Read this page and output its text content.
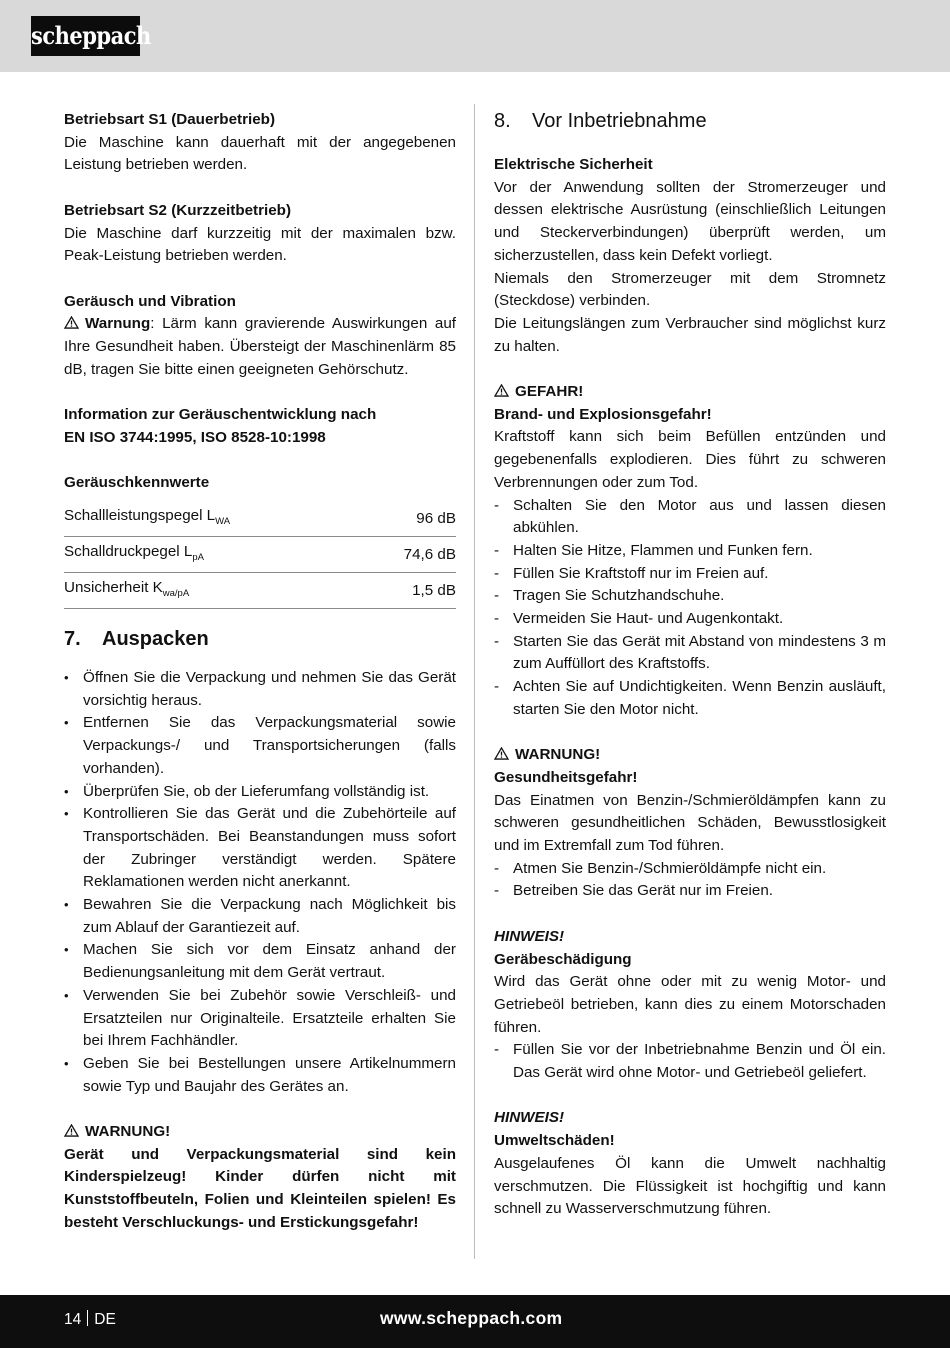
scheppach
Betriebsart S1 (Dauerbetrieb)
Die Maschine kann dauerhaft mit der angegebenen Leistung betrieben werden.
Betriebsart S2 (Kurzzeitbetrieb)
Die Maschine darf kurzzeitig mit der maximalen bzw. Peak-Leistung betrieben werden.
Geräusch und Vibration
Warnung: Lärm kann gravierende Auswirkungen auf Ihre Gesundheit haben. Übersteigt der Maschinenlärm 85 dB, tragen Sie bitte einen geeigneten Gehörschutz.
Information zur Geräuschentwicklung nach
EN ISO 3744:1995, ISO 8528-10:1998
Geräuschkennwerte
Schallleistungspegel $L_{WA}$	96 dB
Schalldruckpegel $L_{pA}$	74,6 dB
Unsicherheit $K_{wa/pA}$	1,5 dB
7.	Auspacken
• Öffnen Sie die Verpackung und nehmen Sie das Gerät vorsichtig heraus.
• Entfernen Sie das Verpackungsmaterial sowie Verpackungs-/ und Transportsicherungen (falls vorhanden).
• Überprüfen Sie, ob der Lieferumfang vollständig ist.
• Kontrollieren Sie das Gerät und die Zubehörteile auf Transportschäden. Bei Beanstandungen muss sofort der Zubringer verständigt werden. Spätere Reklamationen werden nicht anerkannt.
• Bewahren Sie die Verpackung nach Möglichkeit bis zum Ablauf der Garantiezeit auf.
• Machen Sie sich vor dem Einsatz anhand der Bedienungsanleitung mit dem Gerät vertraut.
• Verwenden Sie bei Zubehör sowie Verschleiß- und Ersatzteilen nur Originalteile. Ersatzteile erhalten Sie bei Ihrem Fachhändler.
• Geben Sie bei Bestellungen unsere Artikelnummern sowie Typ und Baujahr des Gerätes an.
WARNUNG!
Gerät und Verpackungsmaterial sind kein Kinderspielzeug! Kinder dürfen nicht mit Kunststoffbeuteln, Folien und Kleinteilen spielen! Es besteht Verschluckungs- und Erstickungsgefahr!
8.	Vor Inbetriebnahme
Elektrische Sicherheit
Vor der Anwendung sollten der Stromerzeuger und dessen elektrische Ausrüstung (einschließlich Leitungen und Steckerverbindungen) überprüft werden, um sicherzustellen, dass kein Defekt vorliegt.
Niemals den Stromerzeuger mit dem Stromnetz (Steckdose) verbinden.
Die Leitungslängen zum Verbraucher sind möglichst kurz zu halten.
GEFAHR!
Brand- und Explosionsgefahr!
Kraftstoff kann sich beim Befüllen entzünden und gegebenenfalls explodieren. Dies führt zu schweren Verbrennungen oder zum Tod.
- Schalten Sie den Motor aus und lassen diesen abkühlen.
- Halten Sie Hitze, Flammen und Funken fern.
- Füllen Sie Kraftstoff nur im Freien auf.
- Tragen Sie Schutzhandschuhe.
- Vermeiden Sie Haut- und Augenkontakt.
- Starten Sie das Gerät mit Abstand von mindestens 3 m zum Auffüllort des Kraftstoffs.
- Achten Sie auf Undichtigkeiten. Wenn Benzin ausläuft, starten Sie den Motor nicht.
WARNUNG!
Gesundheitsgefahr!
Das Einatmen von Benzin-/Schmieröldämpfen kann zu schweren gesundheitlichen Schäden, Bewusstlosigkeit und im Extremfall zum Tod führen.
- Atmen Sie Benzin-/Schmieröldämpfe nicht ein.
- Betreiben Sie das Gerät nur im Freien.
HINWEIS!
Geräbeschädigung
Wird das Gerät ohne oder mit zu wenig Motor- und Getriebeöl betrieben, kann dies zu einem Motorschaden führen.
- Füllen Sie vor der Inbetriebnahme Benzin und Öl ein. Das Gerät wird ohne Motor- und Getriebeöl geliefert.
HINWEIS!
Umweltschäden!
Ausgelaufenes Öl kann die Umwelt nachhaltig verschmutzen. Die Flüssigkeit ist hochgiftig und kann schnell zu Wasserverschmutzung führen.
14 DE	www.scheppach.com
